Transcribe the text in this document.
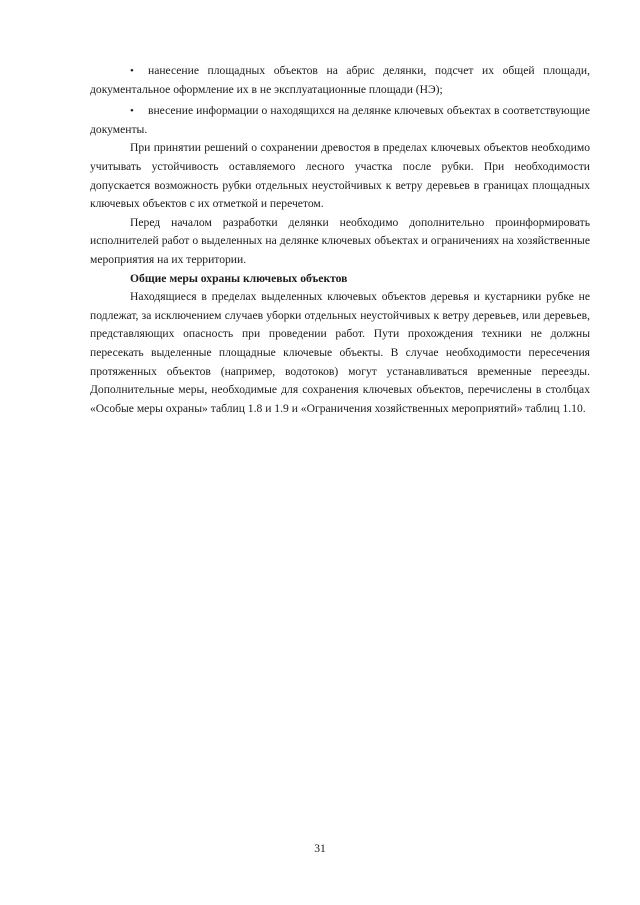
•	нанесение площадных объектов на абрис делянки, подсчет их общей площади, документальное оформление их в не эксплуатационные площади (НЭ);
•	внесение информации о находящихся на делянке ключевых объектах в соответствующие документы.

При принятии решений о сохранении древостоя в пределах ключевых объектов необходимо учитывать устойчивость оставляемого лесного участка после рубки. При необходимости допускается возможность рубки отдельных неустойчивых к ветру деревьев в границах площадных ключевых объектов с их отметкой и перечетом.

Перед началом разработки делянки необходимо дополнительно проинформировать исполнителей работ о выделенных на делянке ключевых объектах и ограничениях на хозяйственные мероприятия на их территории.

Общие меры охраны ключевых объектов

Находящиеся в пределах выделенных ключевых объектов деревья и кустарники рубке не подлежат, за исключением случаев уборки отдельных неустойчивых к ветру деревьев, или деревьев, представляющих опасность при проведении работ. Пути прохождения техники не должны пересекать выделенные площадные ключевые объекты. В случае необходимости пересечения протяженных объектов (например, водотоков) могут устанавливаться временные переезды. Дополнительные меры, необходимые для сохранения ключевых объектов, перечислены в столбцах «Особые меры охраны» таблиц 1.8 и 1.9 и «Ограничения хозяйственных мероприятий» таблиц 1.10.

31
